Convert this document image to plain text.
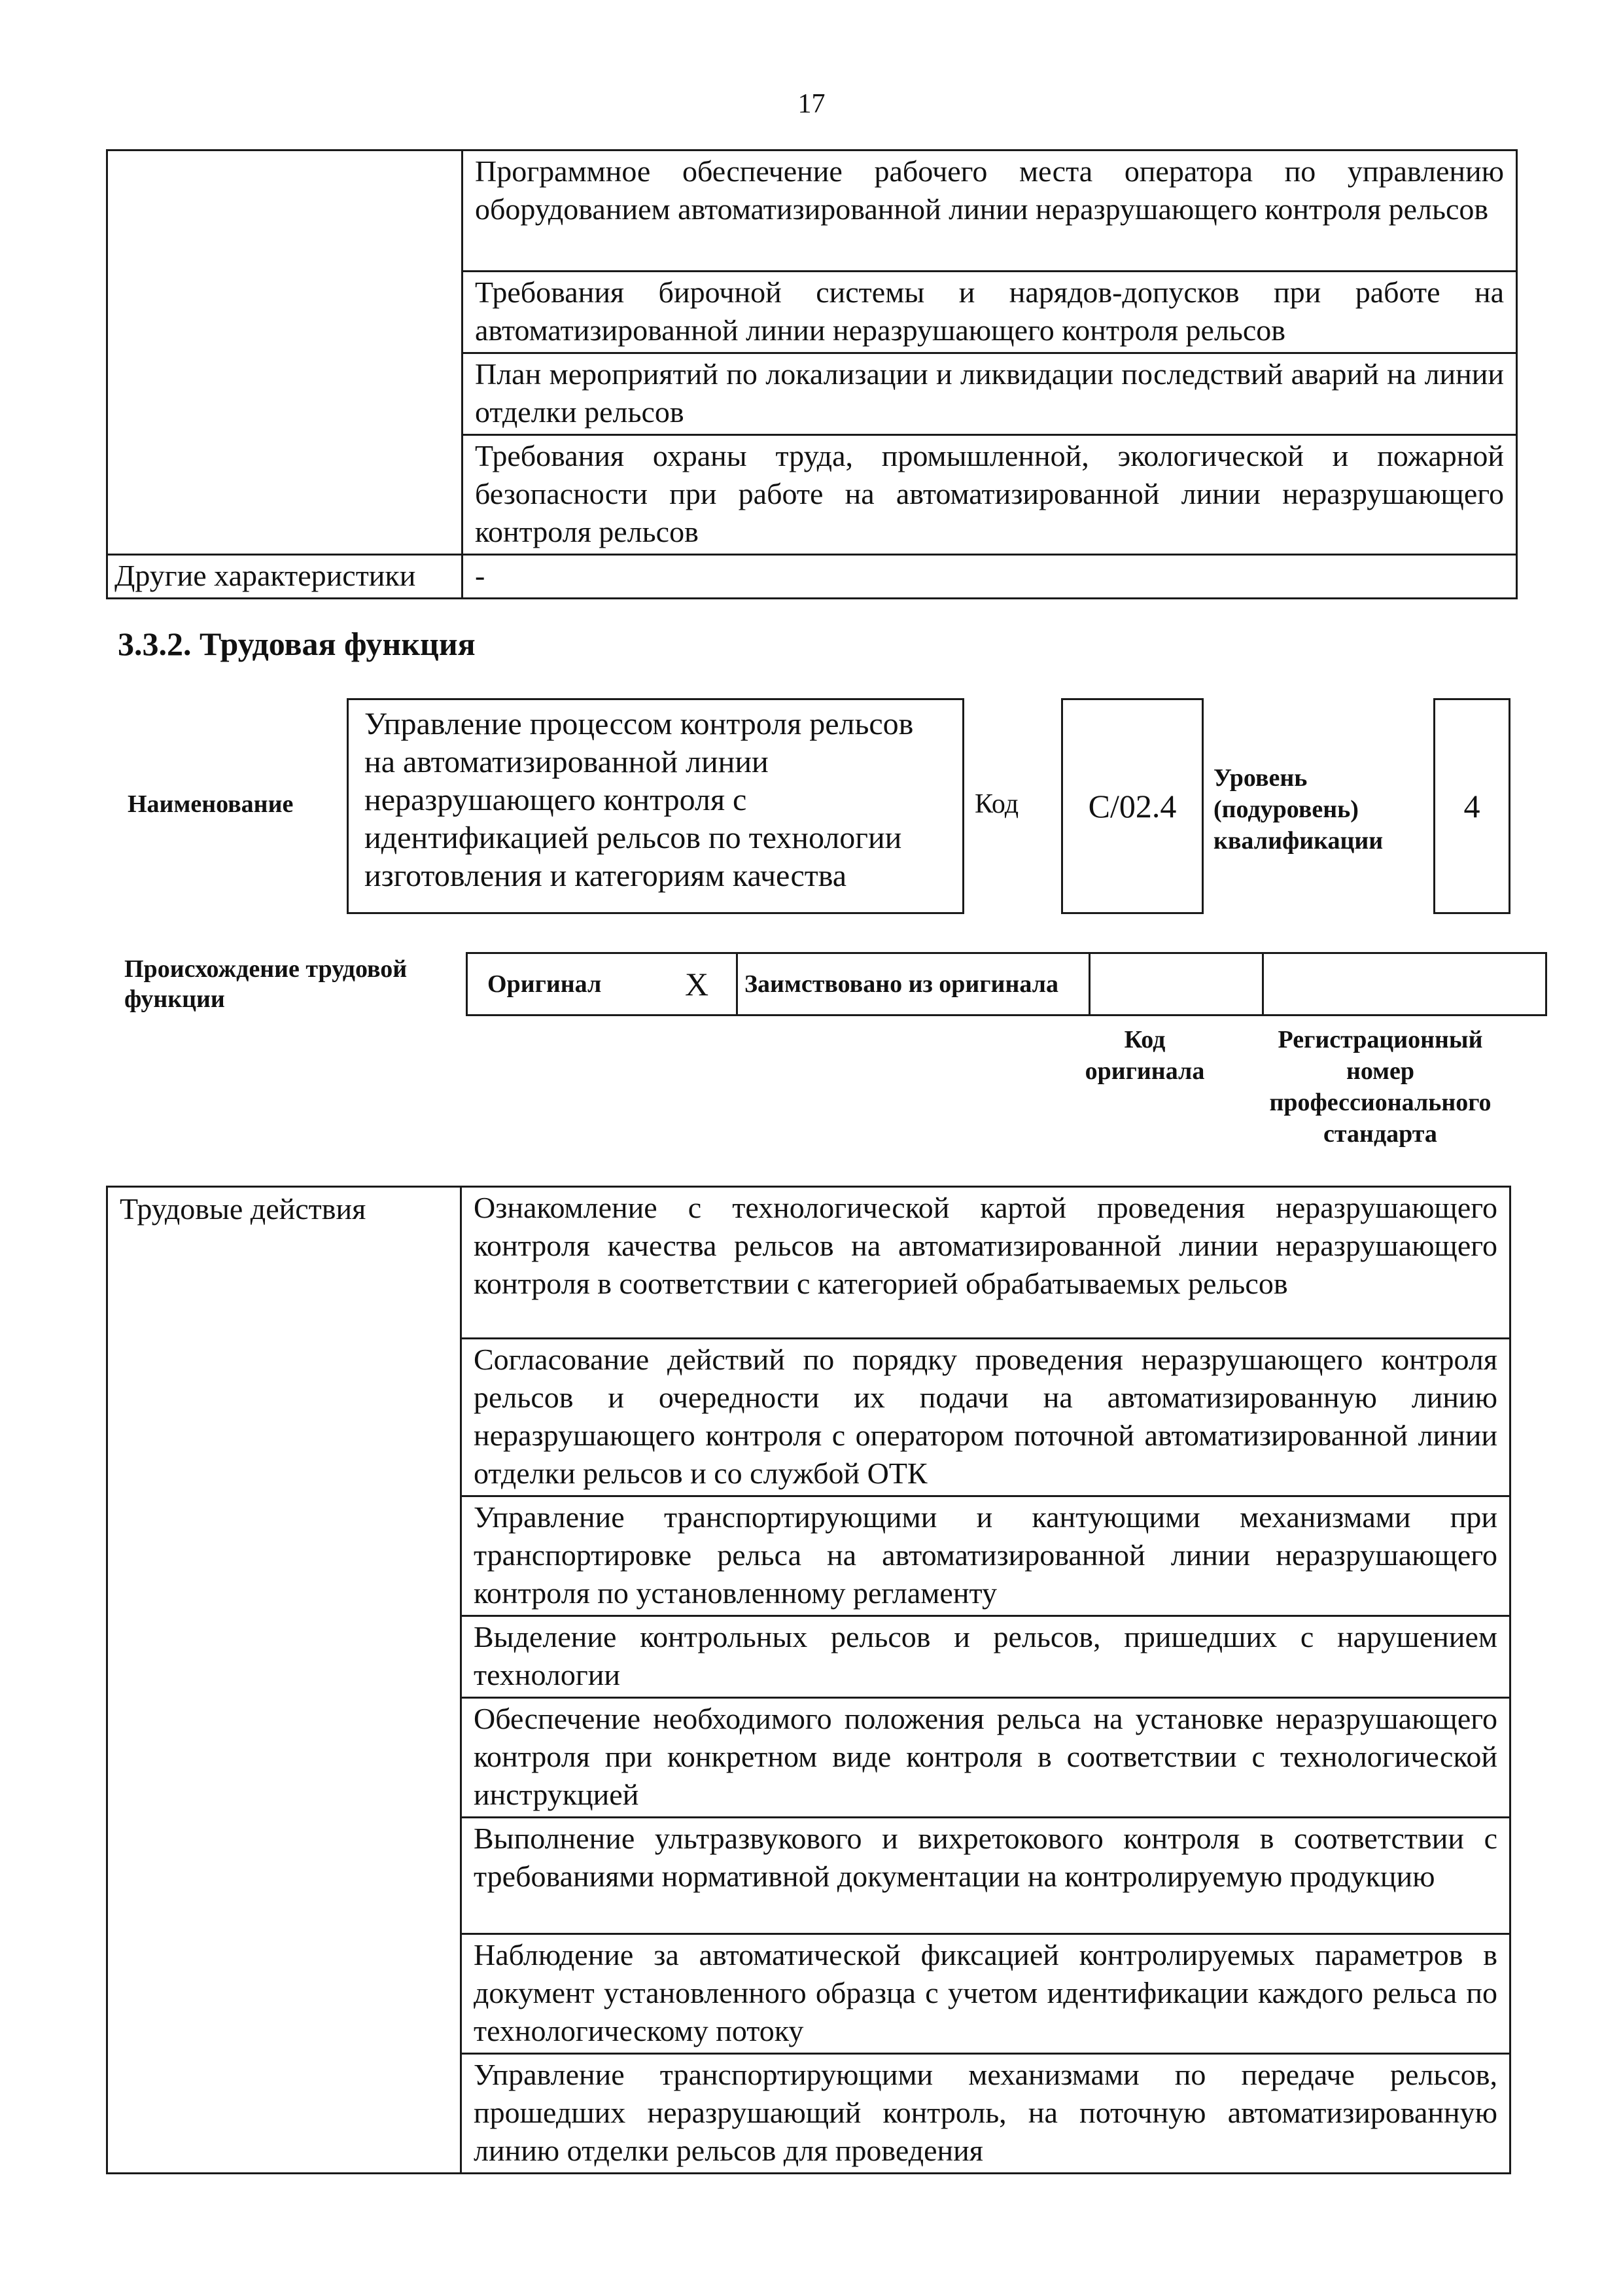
17

	Программное обеспечение рабочего места оператора по управлению оборудованием автоматизированной линии неразрушающего контроля рельсов

	Требования бирочной системы и нарядов-допусков при работе на автоматизированной линии неразрушающего контроля рельсов

	План мероприятий по локализации и ликвидации последствий аварий на линии отделки рельсов

	Требования охраны труда, промышленной, экологической и пожарной безопасности при работе на автоматизированной линии неразрушающего контроля рельсов

Другие характеристики	-
3.3.2. Трудовая функция
Наименование
Управление процессом контроля рельсов на автоматизированной линии неразрушающего контроля с идентификацией рельсов по технологии изготовления и категориям качества
Код C/02.4
Уровень (подуровень) квалификации
4
Происхождение трудовой функции
Оригинал	X	Заимствовано из оригинала		
Код оригинала
Регистрационный номер профессионального стандарта
Трудовые действия	Ознакомление с технологической картой проведения неразрушающего контроля качества рельсов на автоматизированной линии неразрушающего контроля в соответствии с категорией обрабатываемых рельсов

Согласование действий по порядку проведения неразрушающего контроля рельсов и очередности их подачи на автоматизированную линию неразрушающего контроля с оператором поточной автоматизированной линии отделки рельсов и со службой ОТК

Управление транспортирующими и кантующими механизмами при транспортировке рельса на автоматизированной линии неразрушающего контроля по установленному регламенту

Выделение контрольных рельсов и рельсов, пришедших с нарушением технологии

Обеспечение необходимого положения рельса на установке неразрушающего контроля при конкретном виде контроля в соответствии с технологической инструкцией

Выполнение ультразвукового и вихретокового контроля в соответствии с требованиями нормативной документации на контролируемую продукцию

Наблюдение за автоматической фиксацией контролируемых параметров в документ установленного образца с учетом идентификации каждого рельса по технологическому потоку

Управление транспортирующими механизмами по передаче рельсов, прошедших неразрушающий контроль, на поточную автоматизированную линию отделки рельсов для проведения
